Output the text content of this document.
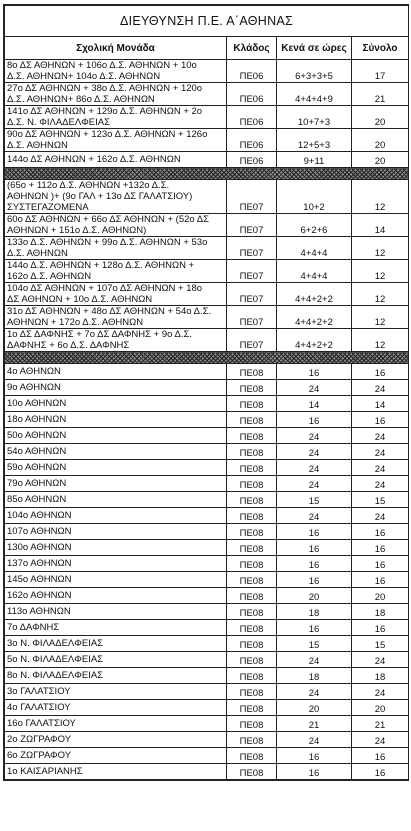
ΔΙΕΥΘΥΝΣΗ Π.Ε. Α΄ΑΘΗΝΑΣ			
Σχολική Μονάδα	Κλάδος	Κενά σε ώρες	Σύνολο
8ο ΔΣ ΑΘΗΝΩΝ + 106ο Δ.Σ. ΑΘΗΝΩΝ + 10ο
Δ.Σ. ΑΘΗΝΩΝ+ 104ο Δ.Σ. ΑΘΗΝΩΝ	ΠΕ06	6+3+3+5	17
27ο ΔΣ ΑΘΗΝΩΝ + 38ο Δ.Σ. ΑΘΗΝΩΝ + 120ο
Δ.Σ. ΑΘΗΝΩΝ+ 86ο Δ.Σ. ΑΘΗΝΩΝ	ΠΕ06	4+4+4+9	21
141ο ΔΣ ΑΘΗΝΩΝ + 129ο Δ.Σ. ΑΘΗΝΩΝ + 2ο
Δ.Σ. Ν. ΦΙΛΑΔΕΛΦΕΙΑΣ	ΠΕ06	10+7+3	20
90ο ΔΣ ΑΘΗΝΩΝ + 123ο Δ.Σ. ΑΘΗΝΩΝ + 126ο
Δ.Σ. ΑΘΗΝΩΝ	ΠΕ06	12+5+3	20
144ο ΔΣ ΑΘΗΝΩΝ + 162ο Δ.Σ. ΑΘΗΝΩΝ	ΠΕ06	9+11	20

(65ο + 112ο Δ.Σ. ΑΘΗΝΩΝ +132ο Δ.Σ.
ΑΘΗΝΩΝ )+ (9ο ΓΑΛ + 13ο ΔΣ ΓΑΛΑΤΣΙΟΥ)
ΣΥΣΤΕΓΑΖΟΜΕΝΑ	ΠΕ07	10+2	12
60ο ΔΣ ΑΘΗΝΩΝ + 66ο ΔΣ ΑΘΗΝΩΝ + (52ο ΔΣ
ΑΘΗΝΩΝ + 151ο Δ.Σ. ΑΘΗΝΩΝ)	ΠΕ07	6+2+6	14
133ο Δ.Σ. ΑΘΗΝΩΝ + 99ο Δ.Σ. ΑΘΗΝΩΝ + 53ο
Δ.Σ. ΑΘΗΝΩΝ	ΠΕ07	4+4+4	12
144ο Δ.Σ. ΑΘΗΝΩΝ + 128ο Δ.Σ. ΑΘΗΝΩΝ +
162ο Δ.Σ. ΑΘΗΝΩΝ	ΠΕ07	4+4+4	12
104ο ΔΣ ΑΘΗΝΩΝ + 107ο ΔΣ ΑΘΗΝΩΝ + 18ο
ΔΣ ΑΘΗΝΩΝ + 10ο Δ.Σ. ΑΘΗΝΩΝ	ΠΕ07	4+4+2+2	12
31ο ΔΣ ΑΘΗΝΩΝ + 48ο ΔΣ ΑΘΗΝΩΝ + 54ο Δ.Σ.
ΑΘΗΝΩΝ + 172ο Δ.Σ. ΑΘΗΝΩΝ	ΠΕ07	4+4+2+2	12
1ο ΔΣ ΔΑΦΝΗΣ + 7ο ΔΣ ΔΑΦΝΗΣ + 9ο Δ.Σ.
ΔΑΦΝΗΣ + 6ο Δ.Σ. ΔΑΦΝΗΣ	ΠΕ07	4+4+2+2	12

4ο ΑΘΗΝΩΝ	ΠΕ08	16	16
9ο ΑΘΗΝΩΝ	ΠΕ08	24	24
10ο ΑΘΗΝΩΝ	ΠΕ08	14	14
18ο ΑΘΗΝΩΝ	ΠΕ08	16	16
50ο ΑΘΗΝΩΝ	ΠΕ08	24	24
54ο ΑΘΗΝΩΝ	ΠΕ08	24	24
59ο ΑΘΗΝΩΝ	ΠΕ08	24	24
79ο ΑΘΗΝΩΝ	ΠΕ08	24	24
85ο ΑΘΗΝΩΝ	ΠΕ08	15	15
104ο ΑΘΗΝΩΝ	ΠΕ08	24	24
107ο ΑΘΗΝΩΝ	ΠΕ08	16	16
130ο ΑΘΗΝΩΝ	ΠΕ08	16	16
137ο ΑΘΗΝΩΝ	ΠΕ08	16	16
145ο ΑΘΗΝΩΝ	ΠΕ08	16	16
162ο ΑΘΗΝΩΝ	ΠΕ08	20	20
113ο ΑΘΗΝΩΝ	ΠΕ08	18	18
7ο ΔΑΦΝΗΣ	ΠΕ08	16	16
3ο Ν. ΦΙΛΑΔΕΛΦΕΙΑΣ	ΠΕ08	15	15
5ο Ν. ΦΙΛΑΔΕΛΦΕΙΑΣ	ΠΕ08	24	24
8ο Ν. ΦΙΛΑΔΕΛΦΕΙΑΣ	ΠΕ08	18	18
3ο ΓΑΛΑΤΣΙΟΥ	ΠΕ08	24	24
4ο ΓΑΛΑΤΣΙΟΥ	ΠΕ08	20	20
16ο ΓΑΛΑΤΣΙΟΥ	ΠΕ08	21	21
2ο ΖΩΓΡΑΦΟΥ	ΠΕ08	24	24
6ο ΖΩΓΡΑΦΟΥ	ΠΕ08	16	16
1ο ΚΑΙΣΑΡΙΑΝΗΣ	ΠΕ08	16	16
